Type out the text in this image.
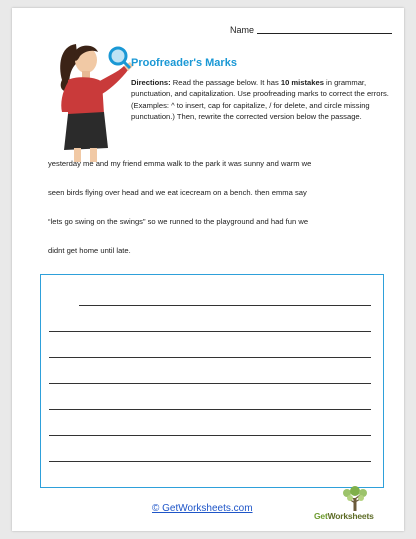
Name
Proofreader's Marks
Directions: Read the passage below. It has 10 mistakes in grammar, punctuation, and capitalization. Use proofreading marks to correct the errors. (Examples: ^ to insert, cap for capitalize, / for delete, and circle missing punctuation.) Then, rewrite the corrected version below the passage.
yesterday me and my friend emma walk to the park it was sunny and warm we
seen birds flying over head and we eat icecream on a bench. then emma say
“lets go swing on the swings” so we runned to the playground and had fun we
didnt get home until late.
© GetWorksheets.com
GetWorksheets
